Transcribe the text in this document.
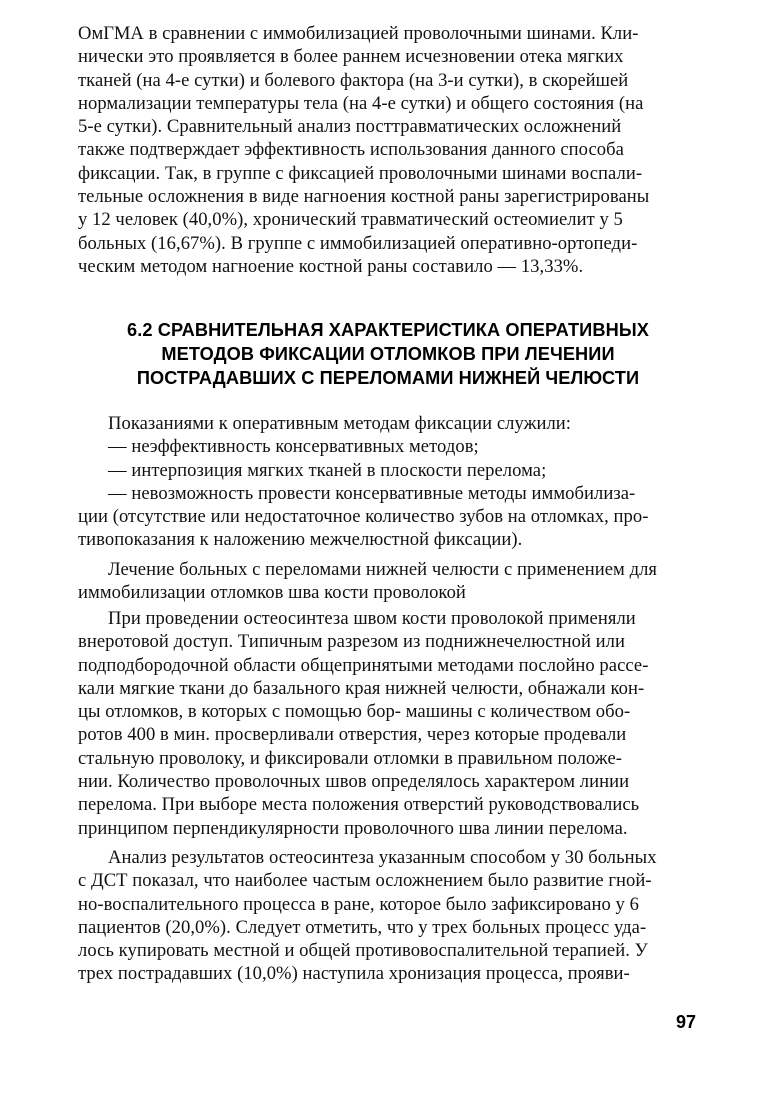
ОмГМА в сравнении с иммобилизацией проволочными шинами. Кли-
нически это проявляется в более раннем исчезновении отека мягких
тканей (на 4-е сутки) и болевого фактора (на 3-и сутки), в скорейшей
нормализации температуры тела (на 4-е сутки) и общего состояния (на
5-е сутки). Сравнительный анализ посттравматических осложнений
также подтверждает эффективность использования данного способа
фиксации. Так, в группе с фиксацией проволочными шинами воспали-
тельные осложнения в виде нагноения костной раны зарегистрированы
у 12 человек (40,0%), хронический травматический остеомиелит у 5
больных (16,67%). В группе с иммобилизацией оперативно-ортопеди-
ческим методом нагноение костной раны составило — 13,33%.
6.2 СРАВНИТЕЛЬНАЯ ХАРАКТЕРИСТИКА ОПЕРАТИВНЫХ
МЕТОДОВ ФИКСАЦИИ ОТЛОМКОВ ПРИ ЛЕЧЕНИИ
ПОСТРАДАВШИХ С ПЕРЕЛОМАМИ НИЖНЕЙ ЧЕЛЮСТИ
Показаниями к оперативным методам фиксации служили:
— неэффективность консервативных методов;
— интерпозиция мягких тканей в плоскости перелома;
— невозможность провести консервативные методы иммобилиза-
ции (отсутствие или недостаточное количество зубов на отломках, про-
тивопоказания к наложению межчелюстной фиксации).
Лечение больных с переломами нижней челюсти с применением для
иммобилизации отломков шва кости проволокой
При проведении остеосинтеза швом кости проволокой применяли
внеротовой доступ. Типичным разрезом из поднижнечелюстной или
подподбородочной области общепринятыми методами послойно рассе-
кали мягкие ткани до базального края нижней челюсти, обнажали кон-
цы отломков, в которых с помощью бор- машины с количеством обо-
ротов 400 в мин. просверливали отверстия, через которые продевали
стальную проволоку, и фиксировали отломки в правильном положе-
нии. Количество проволочных швов определялось характером линии
перелома. При выборе места положения отверстий руководствовались
принципом перпендикулярности проволочного шва линии перелома.
Анализ результатов остеосинтеза указанным способом у 30 больных
с ДСТ показал, что наиболее частым осложнением было развитие гной-
но-воспалительного процесса в ране, которое было зафиксировано у 6
пациентов (20,0%). Следует отметить, что у трех больных процесс уда-
лось купировать местной и общей противовоспалительной терапией. У
трех пострадавших (10,0%) наступила хронизация процесса, прояви-
97
